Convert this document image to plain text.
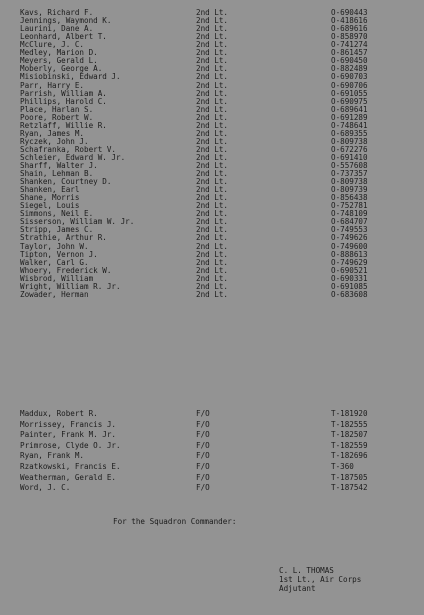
Kavs, Richard F.	2nd Lt.	O-690443
Jennings, Waymond K.	2nd Lt.	O-418616
Laurini, Dane A.	2nd Lt.	O-689616
Leonhard, Albert T.	2nd Lt.	O-858970
McClure, J. C.	2nd Lt.	O-741274
Medley, Marion D.	2nd Lt.	O-861457
Meyers, Gerald L.	2nd Lt.	O-690450
Moberly, George A.	2nd Lt.	O-882489
Misiobinski, Edward J.	2nd Lt.	O-690703
Parr, Harry E.	2nd Lt.	O-690706
Parrish, William A.	2nd Lt.	O-691055
Phillips, Harold C.	2nd Lt.	O-690975
Place, Harlan S.	2nd Lt.	O-689641
Poore, Robert W.	2nd Lt.	O-691289
Retzlaff, Willie R.	2nd Lt.	O-748641
Ryan, James M.	2nd Lt.	O-689355
Ryczek, John J.	2nd Lt.	O-809738
Schafranka, Robert V.	2nd Lt.	O-672276
Schleier, Edward W. Jr.	2nd Lt.	O-691410
Sharff, Walter J.	2nd Lt.	O-557608
Shain, Lehman B.	2nd Lt.	O-737357
Shanken, Courtney D.	2nd Lt.	O-809738
Shanken, Earl	2nd Lt.	O-809739
Shane, Morris	2nd Lt.	O-856438
Siegel, Louis	2nd Lt.	O-752781
Simmons, Neil E.	2nd Lt.	O-748109
Sisserson, William W. Jr.	2nd Lt.	O-684707
Stripp, James C.	2nd Lt.	O-749553
Strathie, Arthur R.	2nd Lt.	O-749626
Taylor, John W.	2nd Lt.	O-749600
Tipton, Vernon J.	2nd Lt.	O-888613
Walker, Carl G.	2nd Lt.	O-749629
Whoery, Frederick W.	2nd Lt.	O-690521
Wisbrod, William	2nd Lt.	O-690331
Wright, William R. Jr.	2nd Lt.	O-691085
Zowader, Herman	2nd Lt.	O-683608
Maddux, Robert R.	F/O	T-181920
Morrissey, Francis J.	F/O	T-182555
Painter, Frank M. Jr.	F/O	T-182507
Primrose, Clyde O. Jr.	F/O	T-182559
Ryan, Frank M.	F/O	T-182696
Rzatkowski, Francis E.	F/O	T-360
Weatherman, Gerald E.	F/O	T-187505
Word, J. C.	F/O	T-187542
For the Squadron Commander:
C. L. THOMAS
1st Lt., Air Corps
Adjutant
